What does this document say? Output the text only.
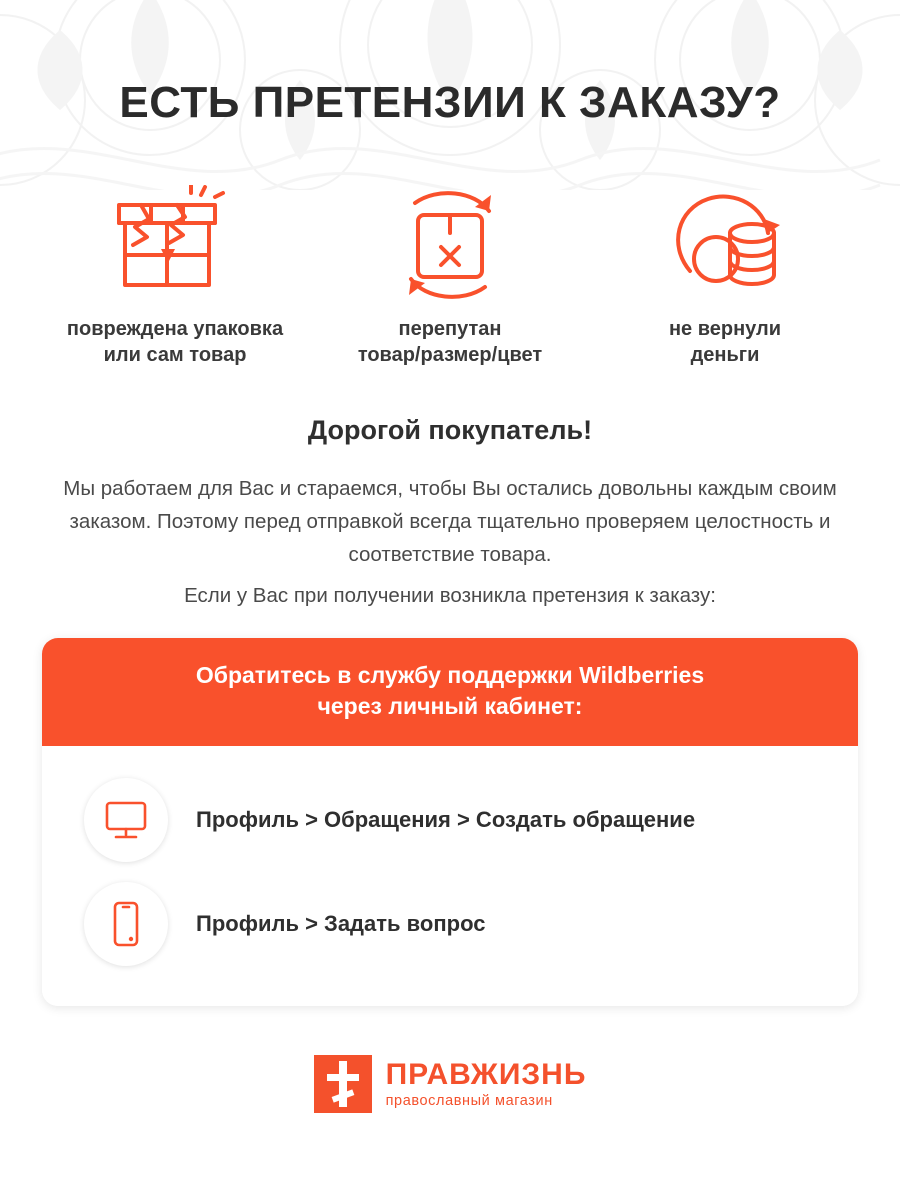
ЕСТЬ ПРЕТЕНЗИИ К ЗАКАЗУ?
повреждена упаковка
или сам товар
перепутан
товар/размер/цвет
не вернули
деньги
Дорогой покупатель!
Мы работаем для Вас и стараемся, чтобы Вы остались довольны каждым своим заказом. Поэтому перед отправкой всегда тщательно проверяем целостность и соответствие товара.
Если у Вас при получении возникла претензия к заказу:
Обратитесь в службу поддержки Wildberries
через личный кабинет:
Профиль > Обращения > Создать обращение
Профиль > Задать вопрос
ПРАВЖИЗНЬ
православный магазин
